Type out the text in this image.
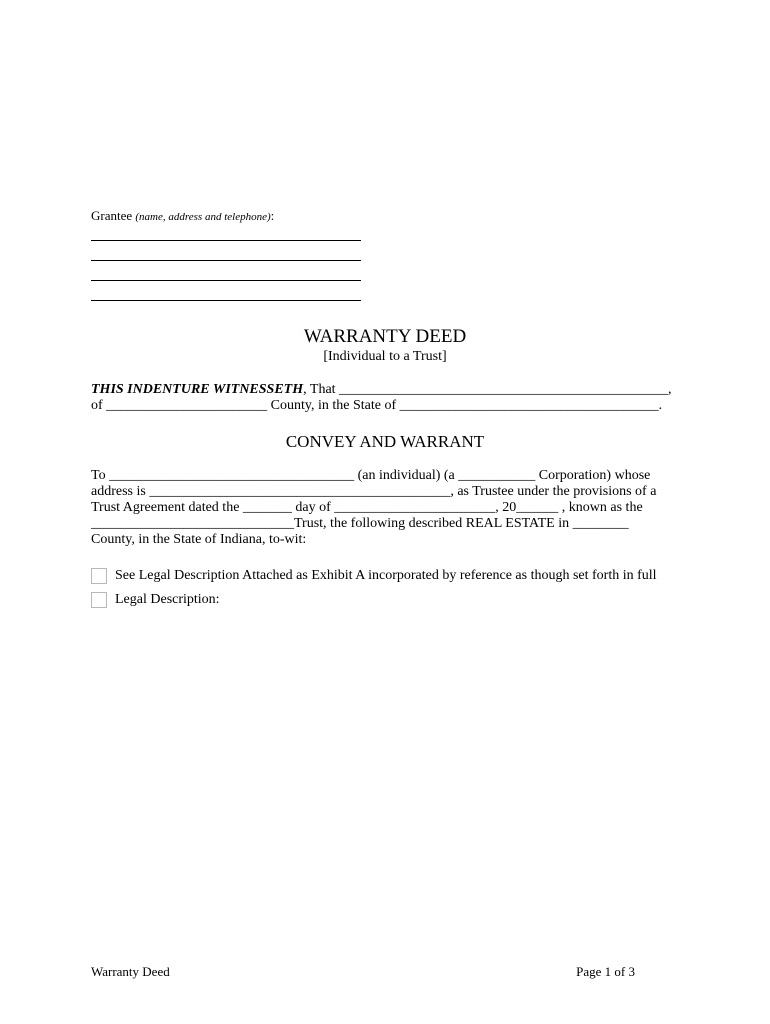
Grantee (name, address and telephone):
WARRANTY DEED
[Individual to a Trust]
THIS INDENTURE WITNESSETH, That _______________________________________________,
of _______________________ County, in the State of _____________________________________.
CONVEY AND WARRANT
To ___________________________________ (an individual) (a ___________ Corporation) whose
address is ___________________________________________, as Trustee under the provisions of a
Trust Agreement dated the _______ day of _______________________, 20______ , known as the
_____________________________Trust, the following described REAL ESTATE in ________
County, in the State of Indiana, to-wit:
See Legal Description Attached as Exhibit A incorporated by reference as though set forth in full
Legal Description:
Warranty Deed	Page 1 of 3
